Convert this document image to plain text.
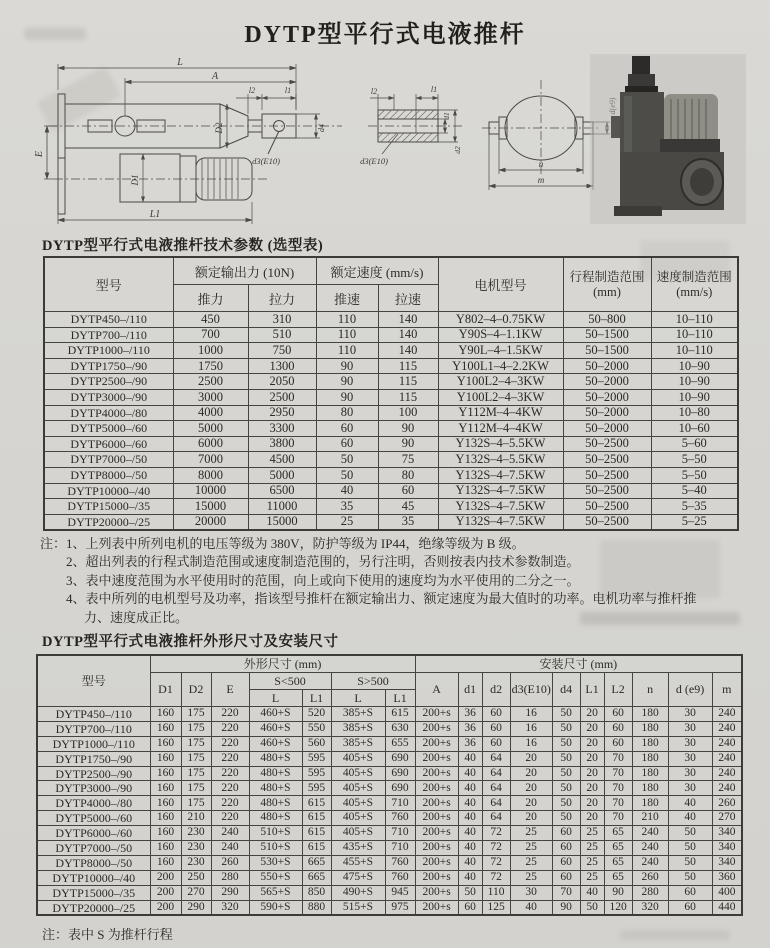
DYTP型平行式电液推杆
L
A
l2	l1
E
D2
D1
d4
d3(E10)
L1
l2	l1
d1
d2
d3(E10)	n
m
DYTP型平行式电液推杆技术参数 (选型表)
型号	额定输出力 (10N)		额定速度 (mm/s)		电机型号	行程制造范围 (mm)	速度制造范围 (mm/s)
	推力	拉力	推速	拉速			
DYTP450–/110	450	310	110	140	Y802–4–0.75KW	50–800	10–110
DYTP700–/110	700	510	110	140	Y90S–4–1.1KW	50–1500	10–110
DYTP1000–/110	1000	750	110	140	Y90L–4–1.5KW	50–1500	10–110
DYTP1750–/90	1750	1300	90	115	Y100L1–4–2.2KW	50–2000	10–90
DYTP2500–/90	2500	2050	90	115	Y100L2–4–3KW	50–2000	10–90
DYTP3000–/90	3000	2500	90	115	Y100L2–4–3KW	50–2000	10–90
DYTP4000–/80	4000	2950	80	100	Y112M–4–4KW	50–2000	10–80
DYTP5000–/60	5000	3300	60	90	Y112M–4–4KW	50–2000	10–60
DYTP6000–/60	6000	3800	60	90	Y132S–4–5.5KW	50–2500	5–60
DYTP7000–/50	7000	4500	50	75	Y132S–4–5.5KW	50–2500	5–50
DYTP8000–/50	8000	5000	50	80	Y132S–4–7.5KW	50–2500	5–50
DYTP10000–/40	10000	6500	40	60	Y132S–4–7.5KW	50–2500	5–40
DYTP15000–/35	15000	11000	35	45	Y132S–4–7.5KW	50–2500	5–35
DYTP20000–/25	20000	15000	25	35	Y132S–4–7.5KW	50–2500	5–25
注：1、上列表中所列电机的电压等级为 380V，防护等级为 IP44，绝缘等级为 B 级。
2、超出列表的行程式制造范围或速度制造范围的，另行注明，否则按表内技术参数制造。
3、表中速度范围为水平使用时的范围，向上或向下使用的速度均为水平使用的二分之一。
4、表中所列的电机型号及功率，指该型号推杆在额定输出力、额定速度为最大值时的功率。电机功率与推杆推力、速度成正比。
DYTP型平行式电液推杆外形尺寸及安装尺寸
型号	外形尺寸 (mm)							安装尺寸 (mm)									
	D1	D2	E	S<500		S>500		A	d1	d2	d3(E10)	d4	L1	L2	n	d (e9)	m
				L	L1	L	L1										
DYTP450–/110	160	175	220	460+S	520	385+S	615	200+s	36	60	16	50	20	60	180	30	240
DYTP700–/110	160	175	220	460+S	550	385+S	630	200+s	36	60	16	50	20	60	180	30	240
DYTP1000–/110	160	175	220	460+S	560	385+S	655	200+s	36	60	16	50	20	60	180	30	240
DYTP1750–/90	160	175	220	480+S	595	405+S	690	200+s	40	64	20	50	20	70	180	30	240
DYTP2500–/90	160	175	220	480+S	595	405+S	690	200+s	40	64	20	50	20	70	180	30	240
DYTP3000–/90	160	175	220	480+S	595	405+S	690	200+s	40	64	20	50	20	70	180	30	240
DYTP4000–/80	160	175	220	480+S	615	405+S	710	200+s	40	64	20	50	20	70	180	40	260
DYTP5000–/60	160	210	220	480+S	615	405+S	760	200+s	40	64	20	50	20	70	210	40	270
DYTP6000–/60	160	230	240	510+S	615	405+S	710	200+s	40	72	25	60	25	65	240	50	340
DYTP7000–/50	160	230	240	510+S	615	435+S	710	200+s	40	72	25	60	25	65	240	50	340
DYTP8000–/50	160	230	260	530+S	665	455+S	760	200+s	40	72	25	60	25	65	240	50	340
DYTP10000–/40	200	250	280	550+S	665	475+S	760	200+s	40	72	25	60	25	65	260	50	360
DYTP15000–/35	200	270	290	565+S	850	490+S	945	200+s	50	110	30	70	40	90	280	60	400
DYTP20000–/25	200	290	320	590+S	880	515+S	975	200+s	60	125	40	90	50	120	320	60	440
注：表中 S 为推杆行程
